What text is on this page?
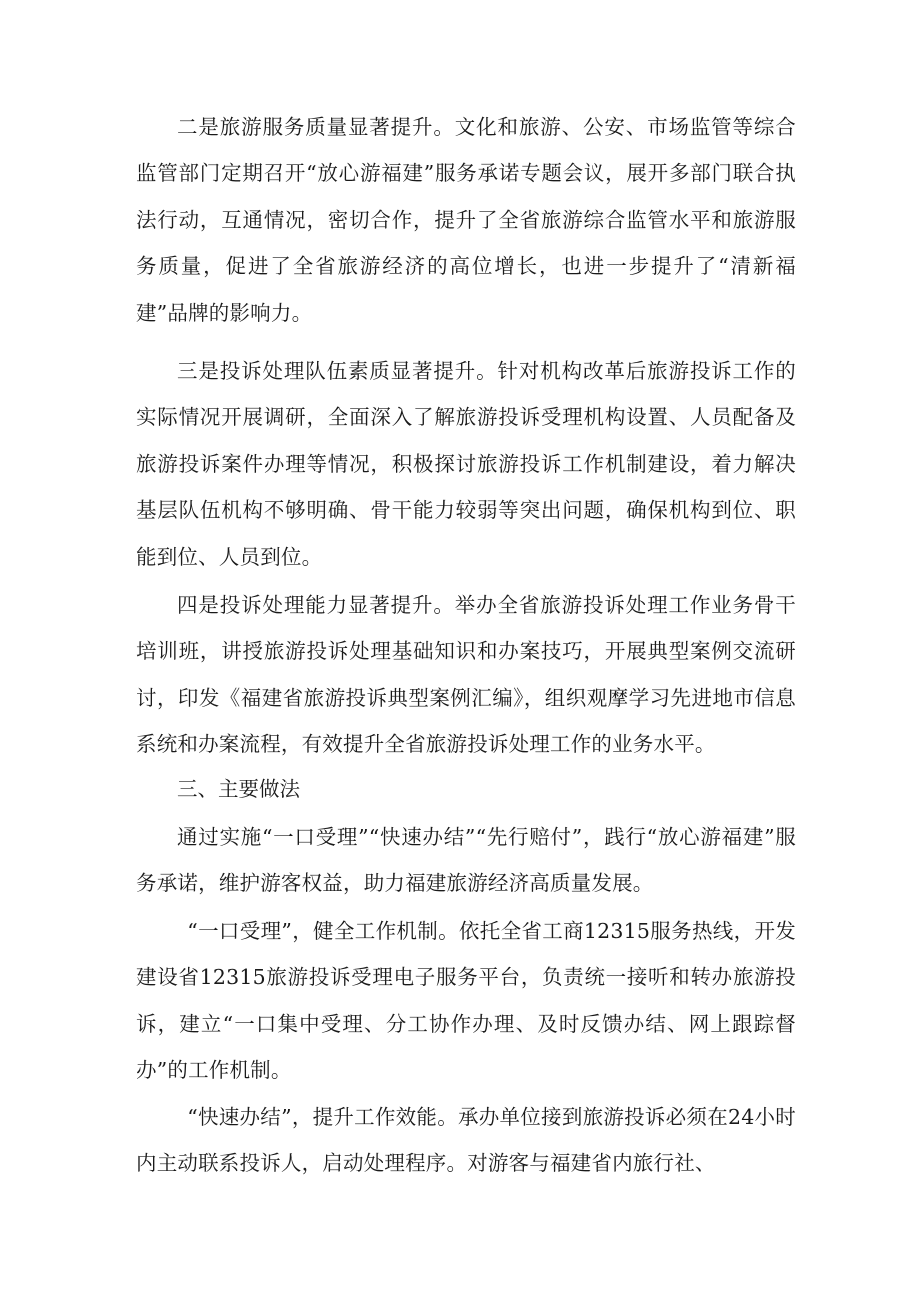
二是旅游服务质量显著提升。文化和旅游、公安、市场监管等综合监管部门定期召开“放心游福建”服务承诺专题会议，展开多部门联合执法行动，互通情况，密切合作，提升了全省旅游综合监管水平和旅游服务质量，促进了全省旅游经济的高位增长，也进一步提升了“清新福建”品牌的影响力。

三是投诉处理队伍素质显著提升。针对机构改革后旅游投诉工作的实际情况开展调研，全面深入了解旅游投诉受理机构设置、人员配备及旅游投诉案件办理等情况，积极探讨旅游投诉工作机制建设，着力解决基层队伍机构不够明确、骨干能力较弱等突出问题，确保机构到位、职能到位、人员到位。

四是投诉处理能力显著提升。举办全省旅游投诉处理工作业务骨干培训班，讲授旅游投诉处理基础知识和办案技巧，开展典型案例交流研讨，印发《福建省旅游投诉典型案例汇编》，组织观摩学习先进地市信息系统和办案流程，有效提升全省旅游投诉处理工作的业务水平。

三、主要做法

通过实施“一口受理”“快速办结”“先行赔付”，践行“放心游福建”服务承诺，维护游客权益，助力福建旅游经济高质量发展。

“一口受理”，健全工作机制。依托全省工商12315服务热线，开发建设省12315旅游投诉受理电子服务平台，负责统一接听和转办旅游投诉，建立“一口集中受理、分工协作办理、及时反馈办结、网上跟踪督办”的工作机制。

“快速办结”，提升工作效能。承办单位接到旅游投诉必须在24小时内主动联系投诉人，启动处理程序。对游客与福建省内旅行社、
